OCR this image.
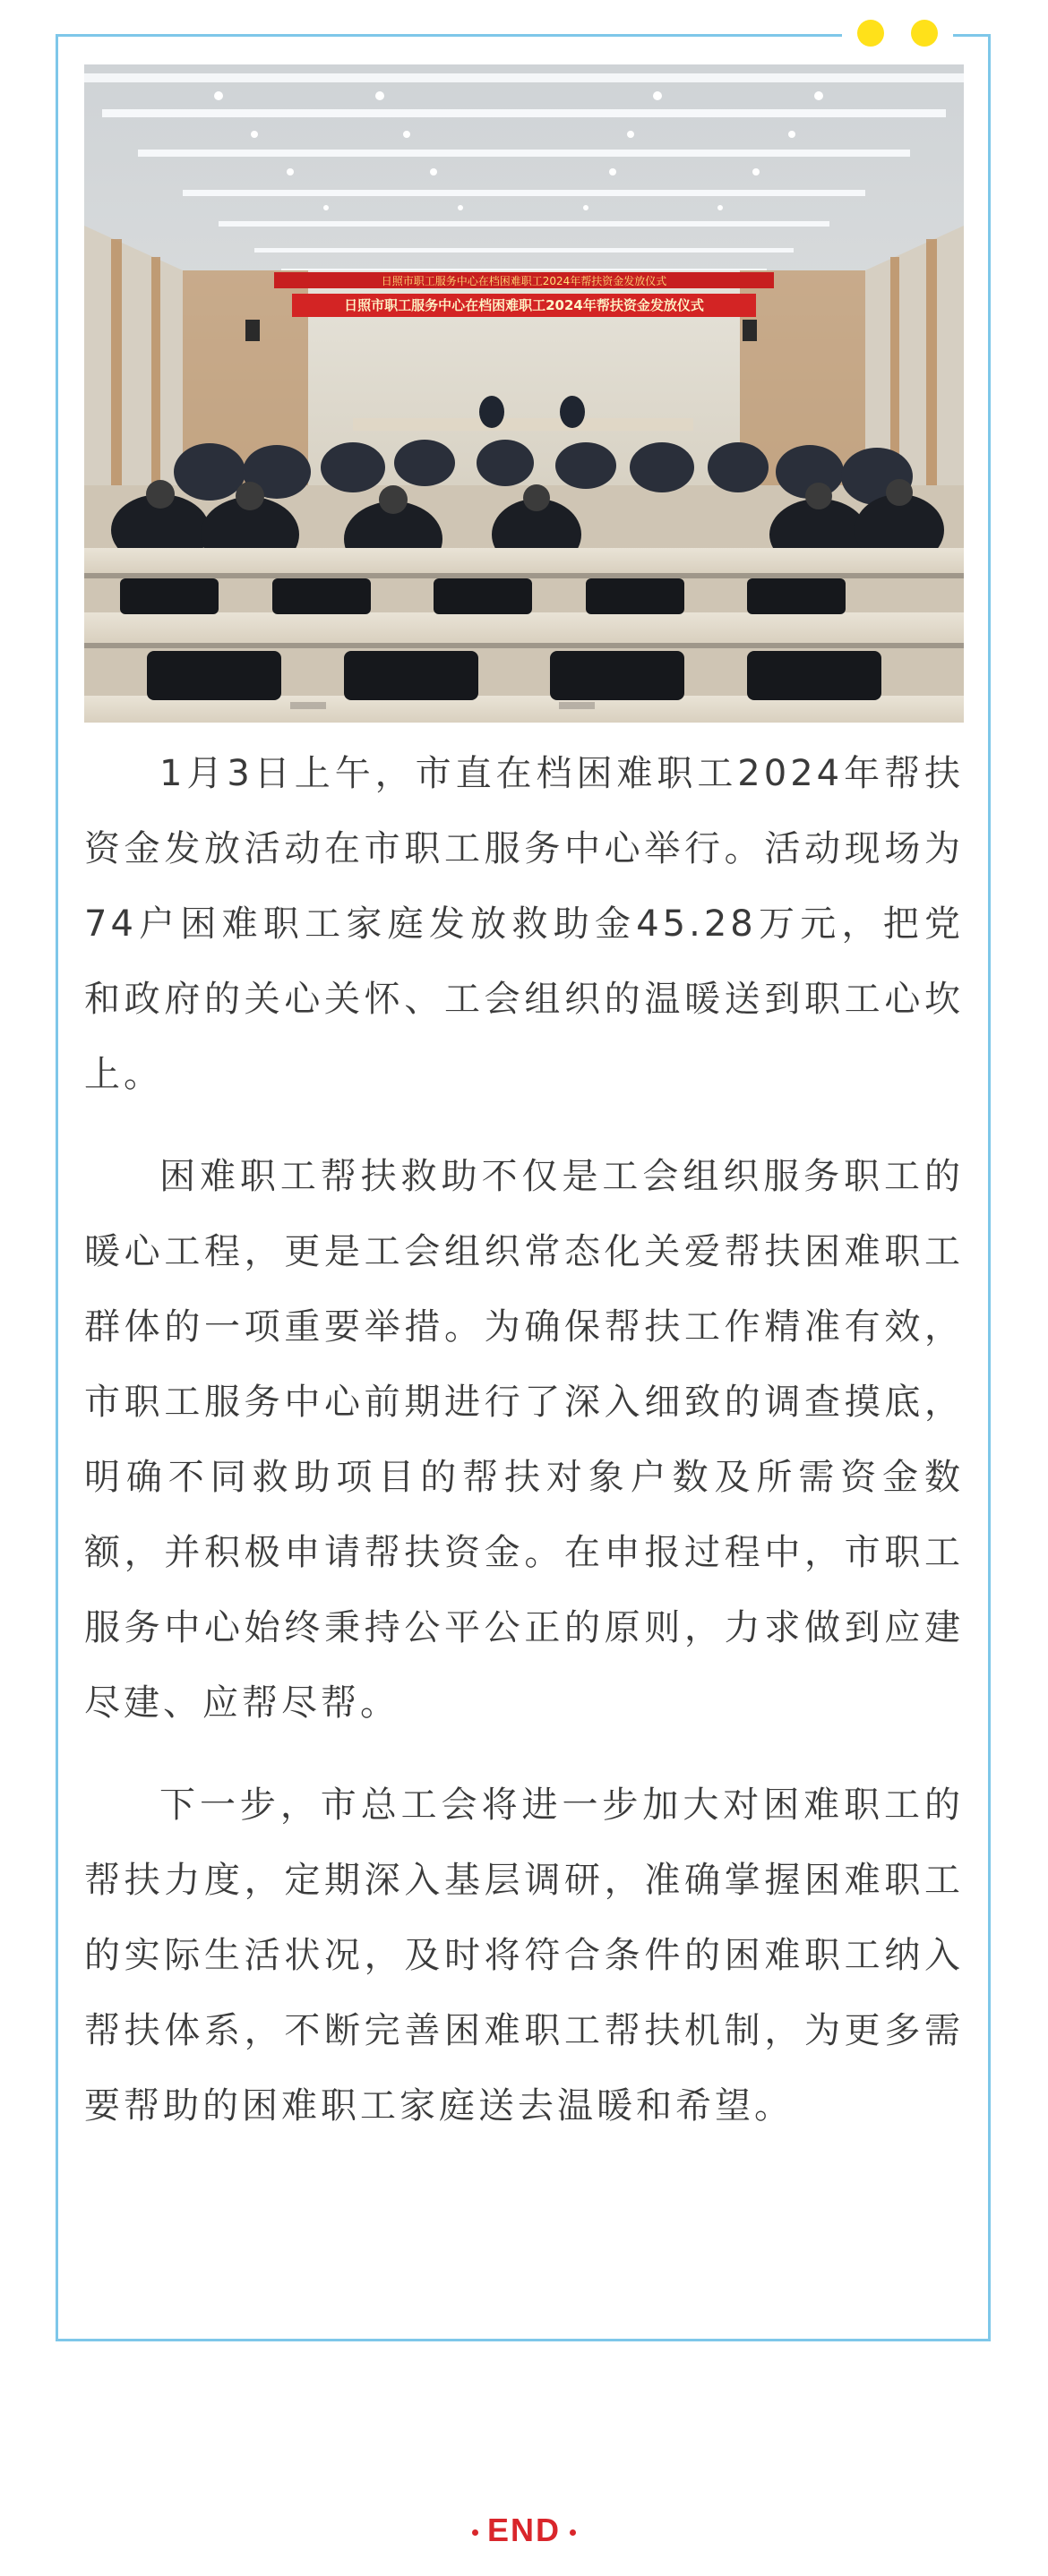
日照市职工服务中心在档困难职工2024年帮扶资金发放仪式
日照市职工服务中心在档困难职工2024年帮扶资金发放仪式

1月3日上午，市直在档困难职工2024年帮扶资金发放活动在市职工服务中心举行。活动现场为74户困难职工家庭发放救助金45.28万元，把党和政府的关心关怀、工会组织的温暖送到职工心坎上。

困难职工帮扶救助不仅是工会组织服务职工的暖心工程，更是工会组织常态化关爱帮扶困难职工群体的一项重要举措。为确保帮扶工作精准有效，市职工服务中心前期进行了深入细致的调查摸底，明确不同救助项目的帮扶对象户数及所需资金数额，并积极申请帮扶资金。在申报过程中，市职工服务中心始终秉持公平公正的原则，力求做到应建尽建、应帮尽帮。

下一步，市总工会将进一步加大对困难职工的帮扶力度，定期深入基层调研，准确掌握困难职工的实际生活状况，及时将符合条件的困难职工纳入帮扶体系，不断完善困难职工帮扶机制，为更多需要帮助的困难职工家庭送去温暖和希望。

END
